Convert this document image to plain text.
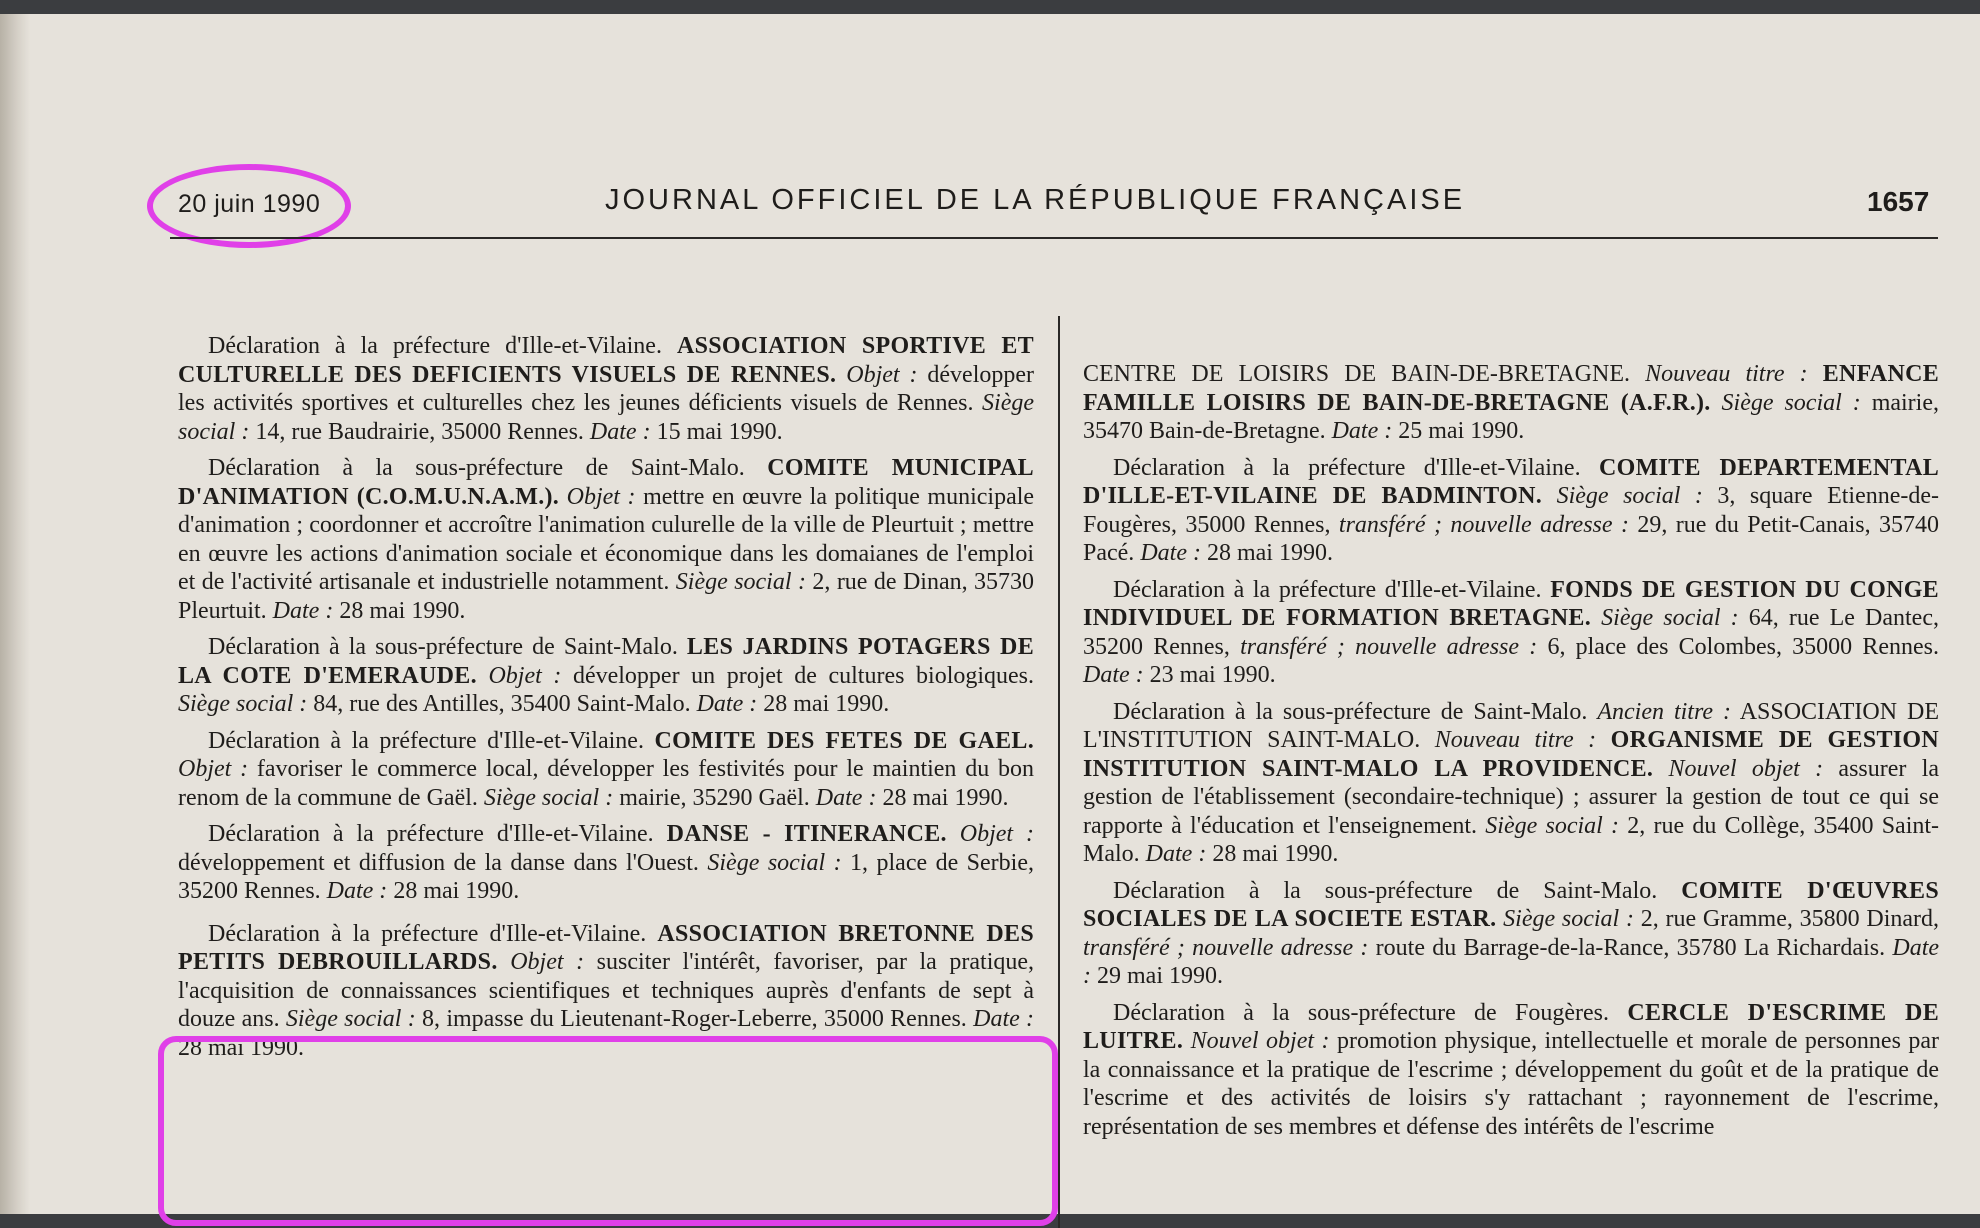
20 juin 1990	JOURNAL OFFICIEL DE LA RÉPUBLIQUE FRANÇAISE	1657

Déclaration à la préfecture d'Ille-et-Vilaine. ASSOCIATION SPORTIVE ET CULTURELLE DES DEFICIENTS VISUELS DE RENNES. Objet : développer les activités sportives et culturelles chez les jeunes déficients visuels de Rennes. Siège social : 14, rue Baudrairie, 35000 Rennes. Date : 15 mai 1990.

Déclaration à la sous-préfecture de Saint-Malo. COMITE MUNICIPAL D'ANIMATION (C.O.M.U.N.A.M.). Objet : mettre en œuvre la politique municipale d'animation ; coordonner et accroître l'animation culurelle de la ville de Pleurtuit ; mettre en œuvre les actions d'animation sociale et économique dans les domaianes de l'emploi et de l'activité artisanale et industrielle notamment. Siège social : 2, rue de Dinan, 35730 Pleurtuit. Date : 28 mai 1990.

Déclaration à la sous-préfecture de Saint-Malo. LES JARDINS POTAGERS DE LA COTE D'EMERAUDE. Objet : développer un projet de cultures biologiques. Siège social : 84, rue des Antilles, 35400 Saint-Malo. Date : 28 mai 1990.

Déclaration à la préfecture d'Ille-et-Vilaine. COMITE DES FETES DE GAEL. Objet : favoriser le commerce local, développer les festivités pour le maintien du bon renom de la commune de Gaël. Siège social : mairie, 35290 Gaël. Date : 28 mai 1990.

Déclaration à la préfecture d'Ille-et-Vilaine. DANSE - ITINERANCE. Objet : développement et diffusion de la danse dans l'Ouest. Siège social : 1, place de Serbie, 35200 Rennes. Date : 28 mai 1990.

Déclaration à la préfecture d'Ille-et-Vilaine. ASSOCIATION BRETONNE DES PETITS DEBROUILLARDS. Objet : susciter l'intérêt, favoriser, par la pratique, l'acquisition de connaissances scientifiques et techniques auprès d'enfants de sept à douze ans. Siège social : 8, impasse du Lieutenant-Roger-Leberre, 35000 Rennes. Date : 28 mai 1990.

CENTRE DE LOISIRS DE BAIN-DE-BRETAGNE. Nouveau titre : ENFANCE FAMILLE LOISIRS DE BAIN-DE-BRETAGNE (A.F.R.). Siège social : mairie, 35470 Bain-de-Bretagne. Date : 25 mai 1990.

Déclaration à la préfecture d'Ille-et-Vilaine. COMITE DEPARTEMENTAL D'ILLE-ET-VILAINE DE BADMINTON. Siège social : 3, square Etienne-de-Fougères, 35000 Rennes, transféré ; nouvelle adresse : 29, rue du Petit-Canais, 35740 Pacé. Date : 28 mai 1990.

Déclaration à la préfecture d'Ille-et-Vilaine. FONDS DE GESTION DU CONGE INDIVIDUEL DE FORMATION BRETAGNE. Siège social : 64, rue Le Dantec, 35200 Rennes, transféré ; nouvelle adresse : 6, place des Colombes, 35000 Rennes. Date : 23 mai 1990.

Déclaration à la sous-préfecture de Saint-Malo. Ancien titre : ASSOCIATION DE L'INSTITUTION SAINT-MALO. Nouveau titre : ORGANISME DE GESTION INSTITUTION SAINT-MALO LA PROVIDENCE. Nouvel objet : assurer la gestion de l'établissement (secondaire-technique) ; assurer la gestion de tout ce qui se rapporte à l'éducation et l'enseignement. Siège social : 2, rue du Collège, 35400 Saint-Malo. Date : 28 mai 1990.

Déclaration à la sous-préfecture de Saint-Malo. COMITE D'ŒUVRES SOCIALES DE LA SOCIETE ESTAR. Siège social : 2, rue Gramme, 35800 Dinard, transféré ; nouvelle adresse : route du Barrage-de-la-Rance, 35780 La Richardais. Date : 29 mai 1990.

Déclaration à la sous-préfecture de Fougères. CERCLE D'ESCRIME DE LUITRE. Nouvel objet : promotion physique, intellectuelle et morale de personnes par la connaissance et la pratique de l'escrime ; développement du goût et de la pratique de l'escrime et des activités de loisirs s'y rattachant ; rayonnement de l'escrime, représentation de ses membres et défense des intérêts de l'escrime
